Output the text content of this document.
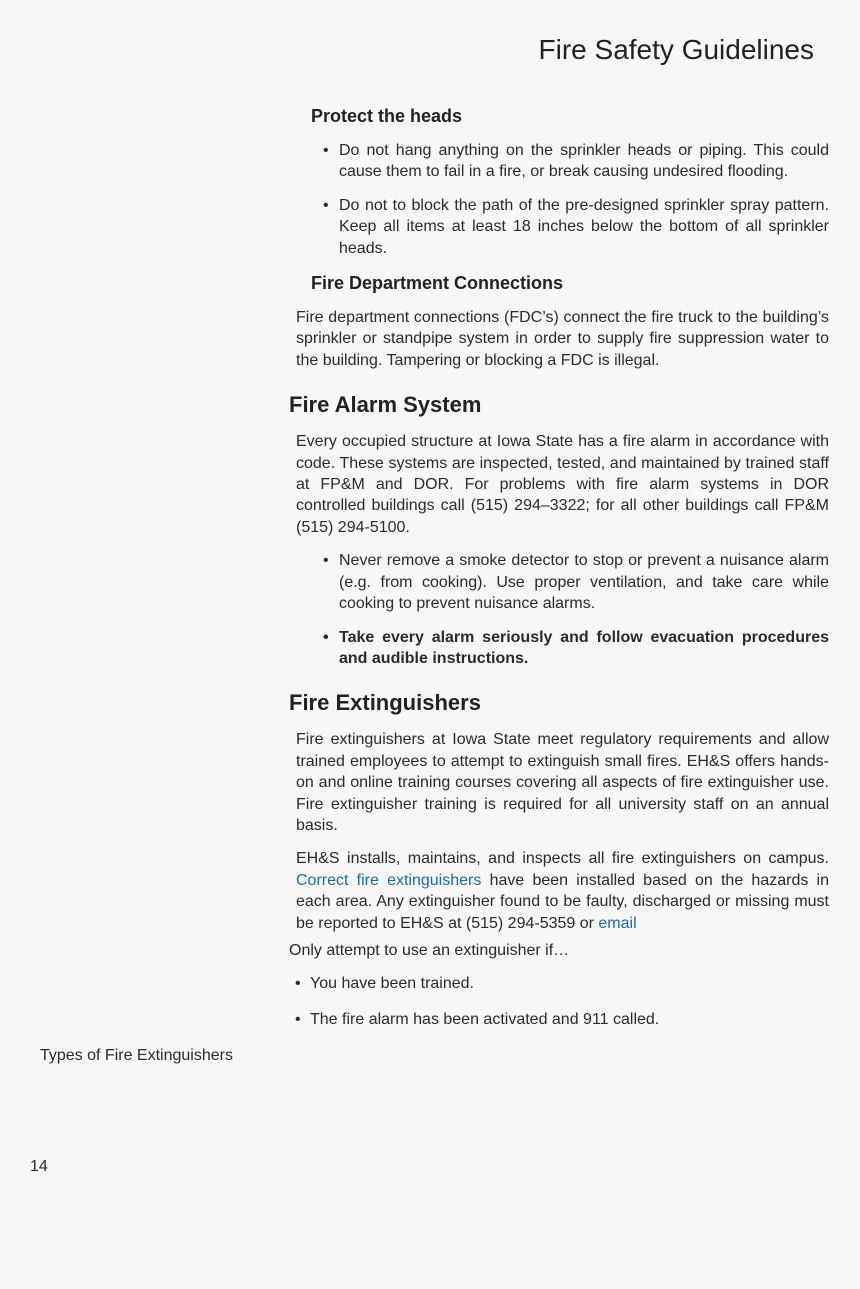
Fire Safety Guidelines
Protect the heads
• Do not hang anything on the sprinkler heads or piping. This could cause them to fail in a fire, or break causing undesired flooding.
• Do not to block the path of the pre-designed sprinkler spray pattern. Keep all items at least 18 inches below the bottom of all sprinkler heads.
Fire Department Connections

Fire department connections (FDC’s) connect the fire truck to the building’s sprinkler or standpipe system in order to supply fire suppression water to the building. Tampering or blocking a FDC is illegal.

Fire Alarm System

Every occupied structure at Iowa State has a fire alarm in accordance with code. These systems are inspected, tested, and maintained by trained staff at FP&M and DOR. For problems with fire alarm systems in DOR controlled buildings call (515) 294–3322; for all other buildings call FP&M (515) 294-5100.

• Never remove a smoke detector to stop or prevent a nuisance alarm (e.g. from cooking). Use proper ventilation, and take care while cooking to prevent nuisance alarms.
• Take every alarm seriously and follow evacuation procedures and audible instructions.
Fire Extinguishers

Fire extinguishers at Iowa State meet regulatory requirements and allow trained employees to attempt to extinguish small fires. EH&S offers hands-on and online training courses covering all aspects of fire extinguisher use. Fire extinguisher training is required for all university staff on an annual basis.

EH&S installs, maintains, and inspects all fire extinguishers on campus. Correct fire extinguishers have been installed based on the hazards in each area. Any extinguisher found to be faulty, discharged or missing must be reported to EH&S at (515) 294-5359 or email

Only attempt to use an extinguisher if…

• You have been trained.
• The fire alarm has been activated and 911 called.

Types of Fire Extinguishers

14
